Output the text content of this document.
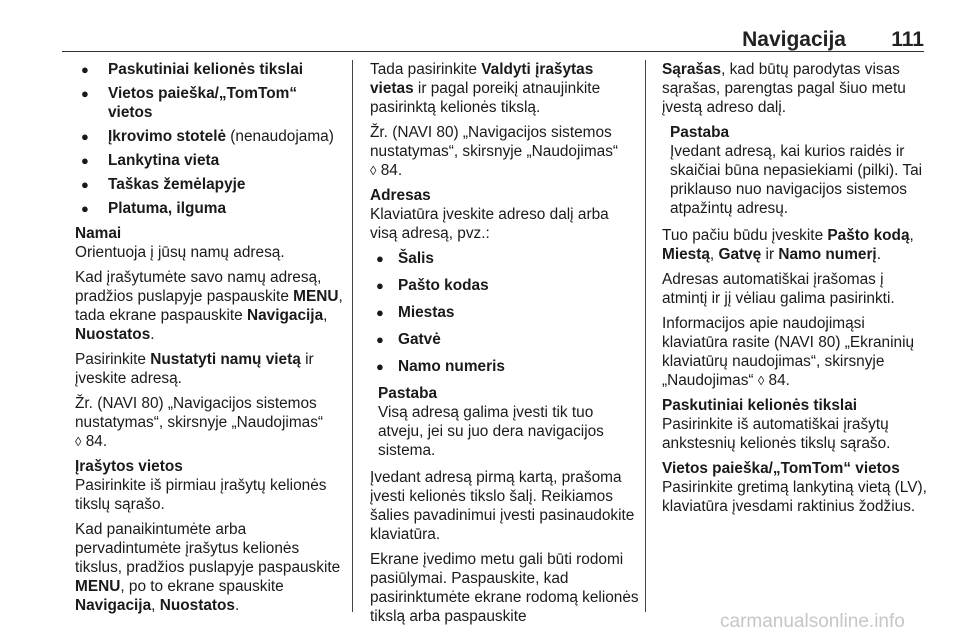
Navigacija 111
● Paskutiniai kelionės tikslai
● Vietos paieška/„TomTom“ vietos
● Įkrovimo stotelė (nenaudojama)
● Lankytina vieta
● Taškas žemėlapyje
● Platuma, ilguma

Namai
Orientuoja į jūsų namų adresą.

Kad įrašytumėte savo namų adresą, pradžios puslapyje paspauskite MENU, tada ekrane paspauskite Navigacija, Nuostatos.

Pasirinkite Nustatyti namų vietą ir įveskite adresą.

Žr. (NAVI 80) „Navigacijos sistemos nustatymas“, skirsnyje „Naudojimas“
◊ 84.

Įrašytos vietos
Pasirinkite iš pirmiau įrašytų kelionės tikslų sąrašo.

Kad panaikintumėte arba pervadintumėte įrašytus kelionės tikslus, pradžios puslapyje paspauskite MENU, po to ekrane spauskite Navigacija, Nuostatos.

Tada pasirinkite Valdyti įrašytas vietas ir pagal poreikį atnaujinkite pasirinktą kelionės tikslą.

Žr. (NAVI 80) „Navigacijos sistemos nustatymas“, skirsnyje „Naudojimas“
◊ 84.

Adresas
Klaviatūra įveskite adreso dalį arba visą adresą, pvz.:

● Šalis
● Pašto kodas
● Miestas
● Gatvė
● Namo numeris
Pastaba
Visą adresą galima įvesti tik tuo atveju, jei su juo dera navigacijos sistema.

Įvedant adresą pirmą kartą, prašoma įvesti kelionės tikslo šalį. Reikiamos šalies pavadinimui įvesti pasinaudokite klaviatūra.

Ekrane įvedimo metu gali būti rodomi pasiūlymai. Paspauskite, kad pasirinktumėte ekrane rodomą kelionės tikslą arba paspauskite

Sąrašas, kad būtų parodytas visas sąrašas, parengtas pagal šiuo metu įvestą adreso dalį.

Pastaba
Įvedant adresą, kai kurios raidės ir skaičiai būna nepasiekiami (pilki). Tai priklauso nuo navigacijos sistemos atpažintų adresų.

Tuo pačiu būdu įveskite Pašto kodą, Miestą, Gatvę ir Namo numerį.

Adresas automatiškai įrašomas į atmintį ir jį vėliau galima pasirinkti.

Informacijos apie naudojimąsi klaviatūra rasite (NAVI 80) „Ekraninių klaviatūrų naudojimas“, skirsnyje „Naudojimas“ ◊ 84.

Paskutiniai kelionės tikslai
Pasirinkite iš automatiškai įrašytų ankstesnių kelionės tikslų sąrašo.

Vietos paieška/„TomTom“ vietos
Pasirinkite gretimą lankytiną vietą (LV), klaviatūra įvesdami raktinius žodžius.

carmanualsonline.info
